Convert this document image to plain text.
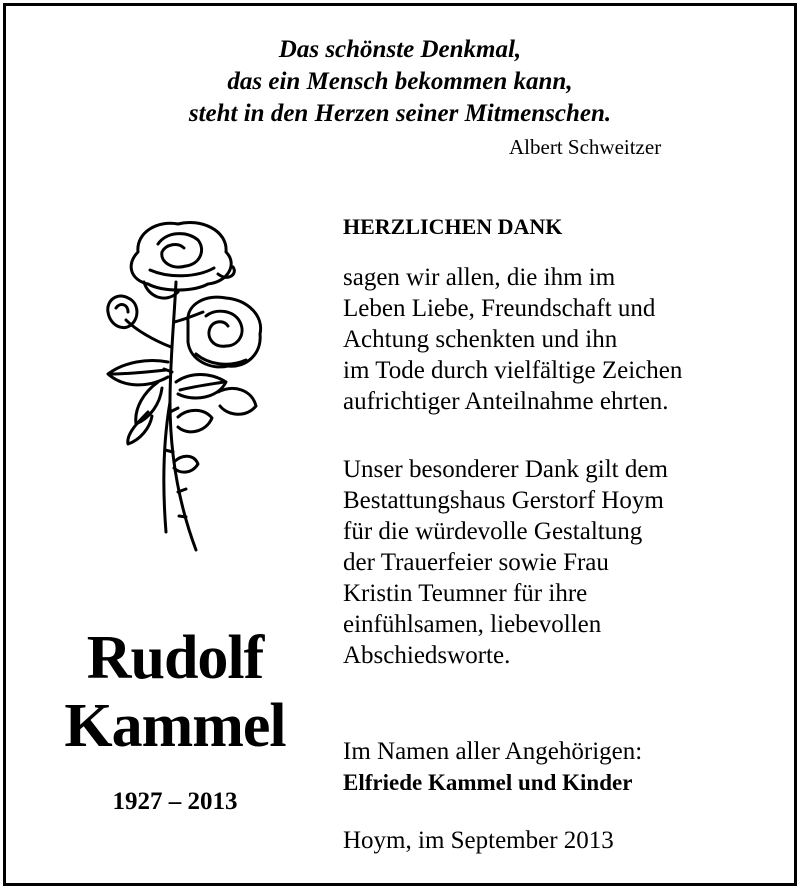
Das schönste Denkmal,
das ein Mensch bekommen kann,
steht in den Herzen seiner Mitmenschen.
Albert Schweitzer
HERZLICHEN DANK
sagen wir allen, die ihm im
Leben Liebe, Freundschaft und
Achtung schenkten und ihn
im Tode durch vielfältige Zeichen
aufrichtiger Anteilnahme ehrten.
Unser besonderer Dank gilt dem
Bestattungshaus Gerstorf Hoym
für die würdevolle Gestaltung
der Trauerfeier sowie Frau
Kristin Teumner für ihre
einfühlsamen, liebevollen
Abschiedsworte.
Rudolf
Kammel
1927 – 2013
Im Namen aller Angehörigen:
Elfriede Kammel und Kinder
Hoym, im September 2013
